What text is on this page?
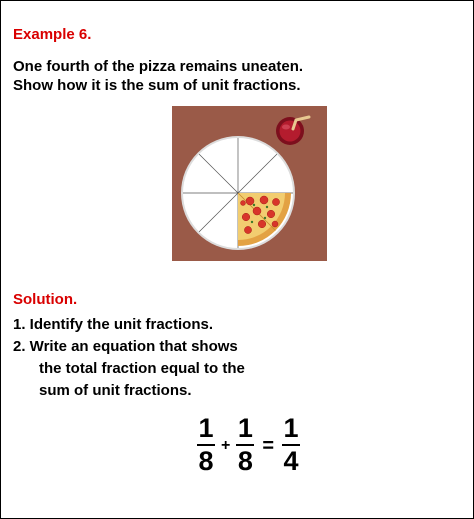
Example 6.
One fourth of the pizza remains uneaten.
Show how it is the sum of unit fractions.
Solution.
1. Identify the unit fractions.
2. Write an equation that shows
the total fraction equal to the
sum of unit fractions.
$\frac{1}{8} + \frac{1}{8} = \frac{1}{4}$
